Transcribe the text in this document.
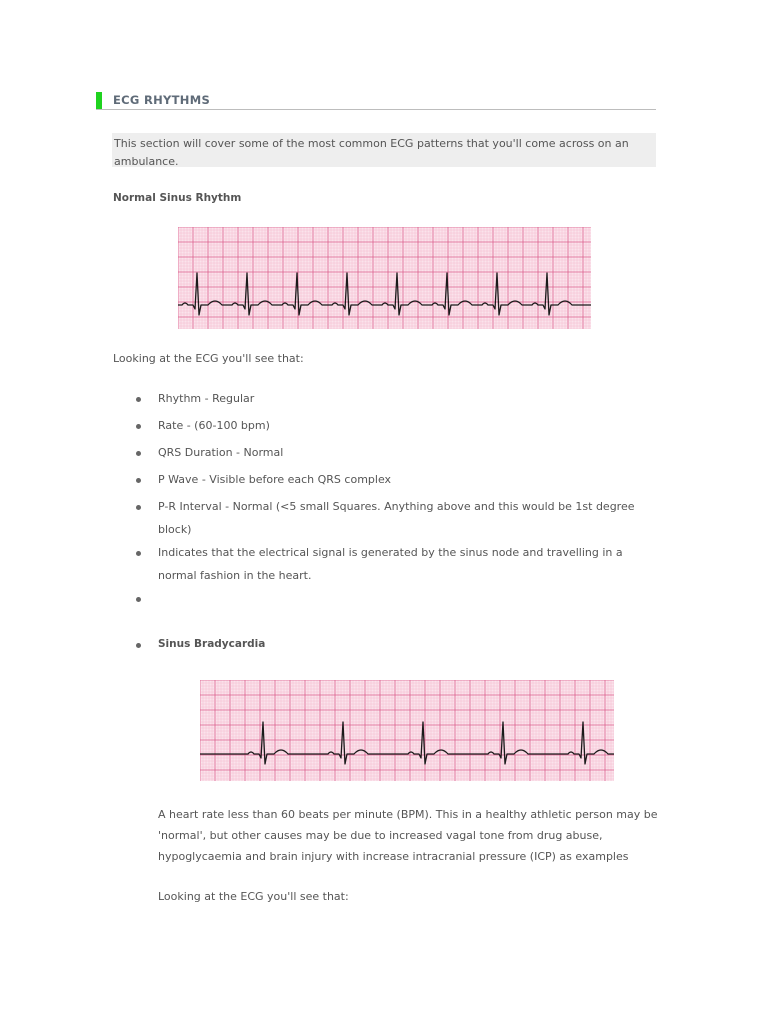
ECG RHYTHMS

This section will cover some of the most common ECG patterns that you'll come across on an ambulance.

Normal Sinus Rhythm

Looking at the ECG you'll see that:

Rhythm - Regular
Rate - (60-100 bpm)
QRS Duration - Normal
P Wave - Visible before each QRS complex
P-R Interval - Normal (<5 small Squares. Anything above and this would be 1st degree block)
Indicates that the electrical signal is generated by the sinus node and travelling in a normal fashion in the heart.
Sinus Bradycardia

A heart rate less than 60 beats per minute (BPM). This in a healthy athletic person may be 'normal', but other causes may be due to increased vagal tone from drug abuse, hypoglycaemia and brain injury with increase intracranial pressure (ICP) as examples

Looking at the ECG you'll see that:
